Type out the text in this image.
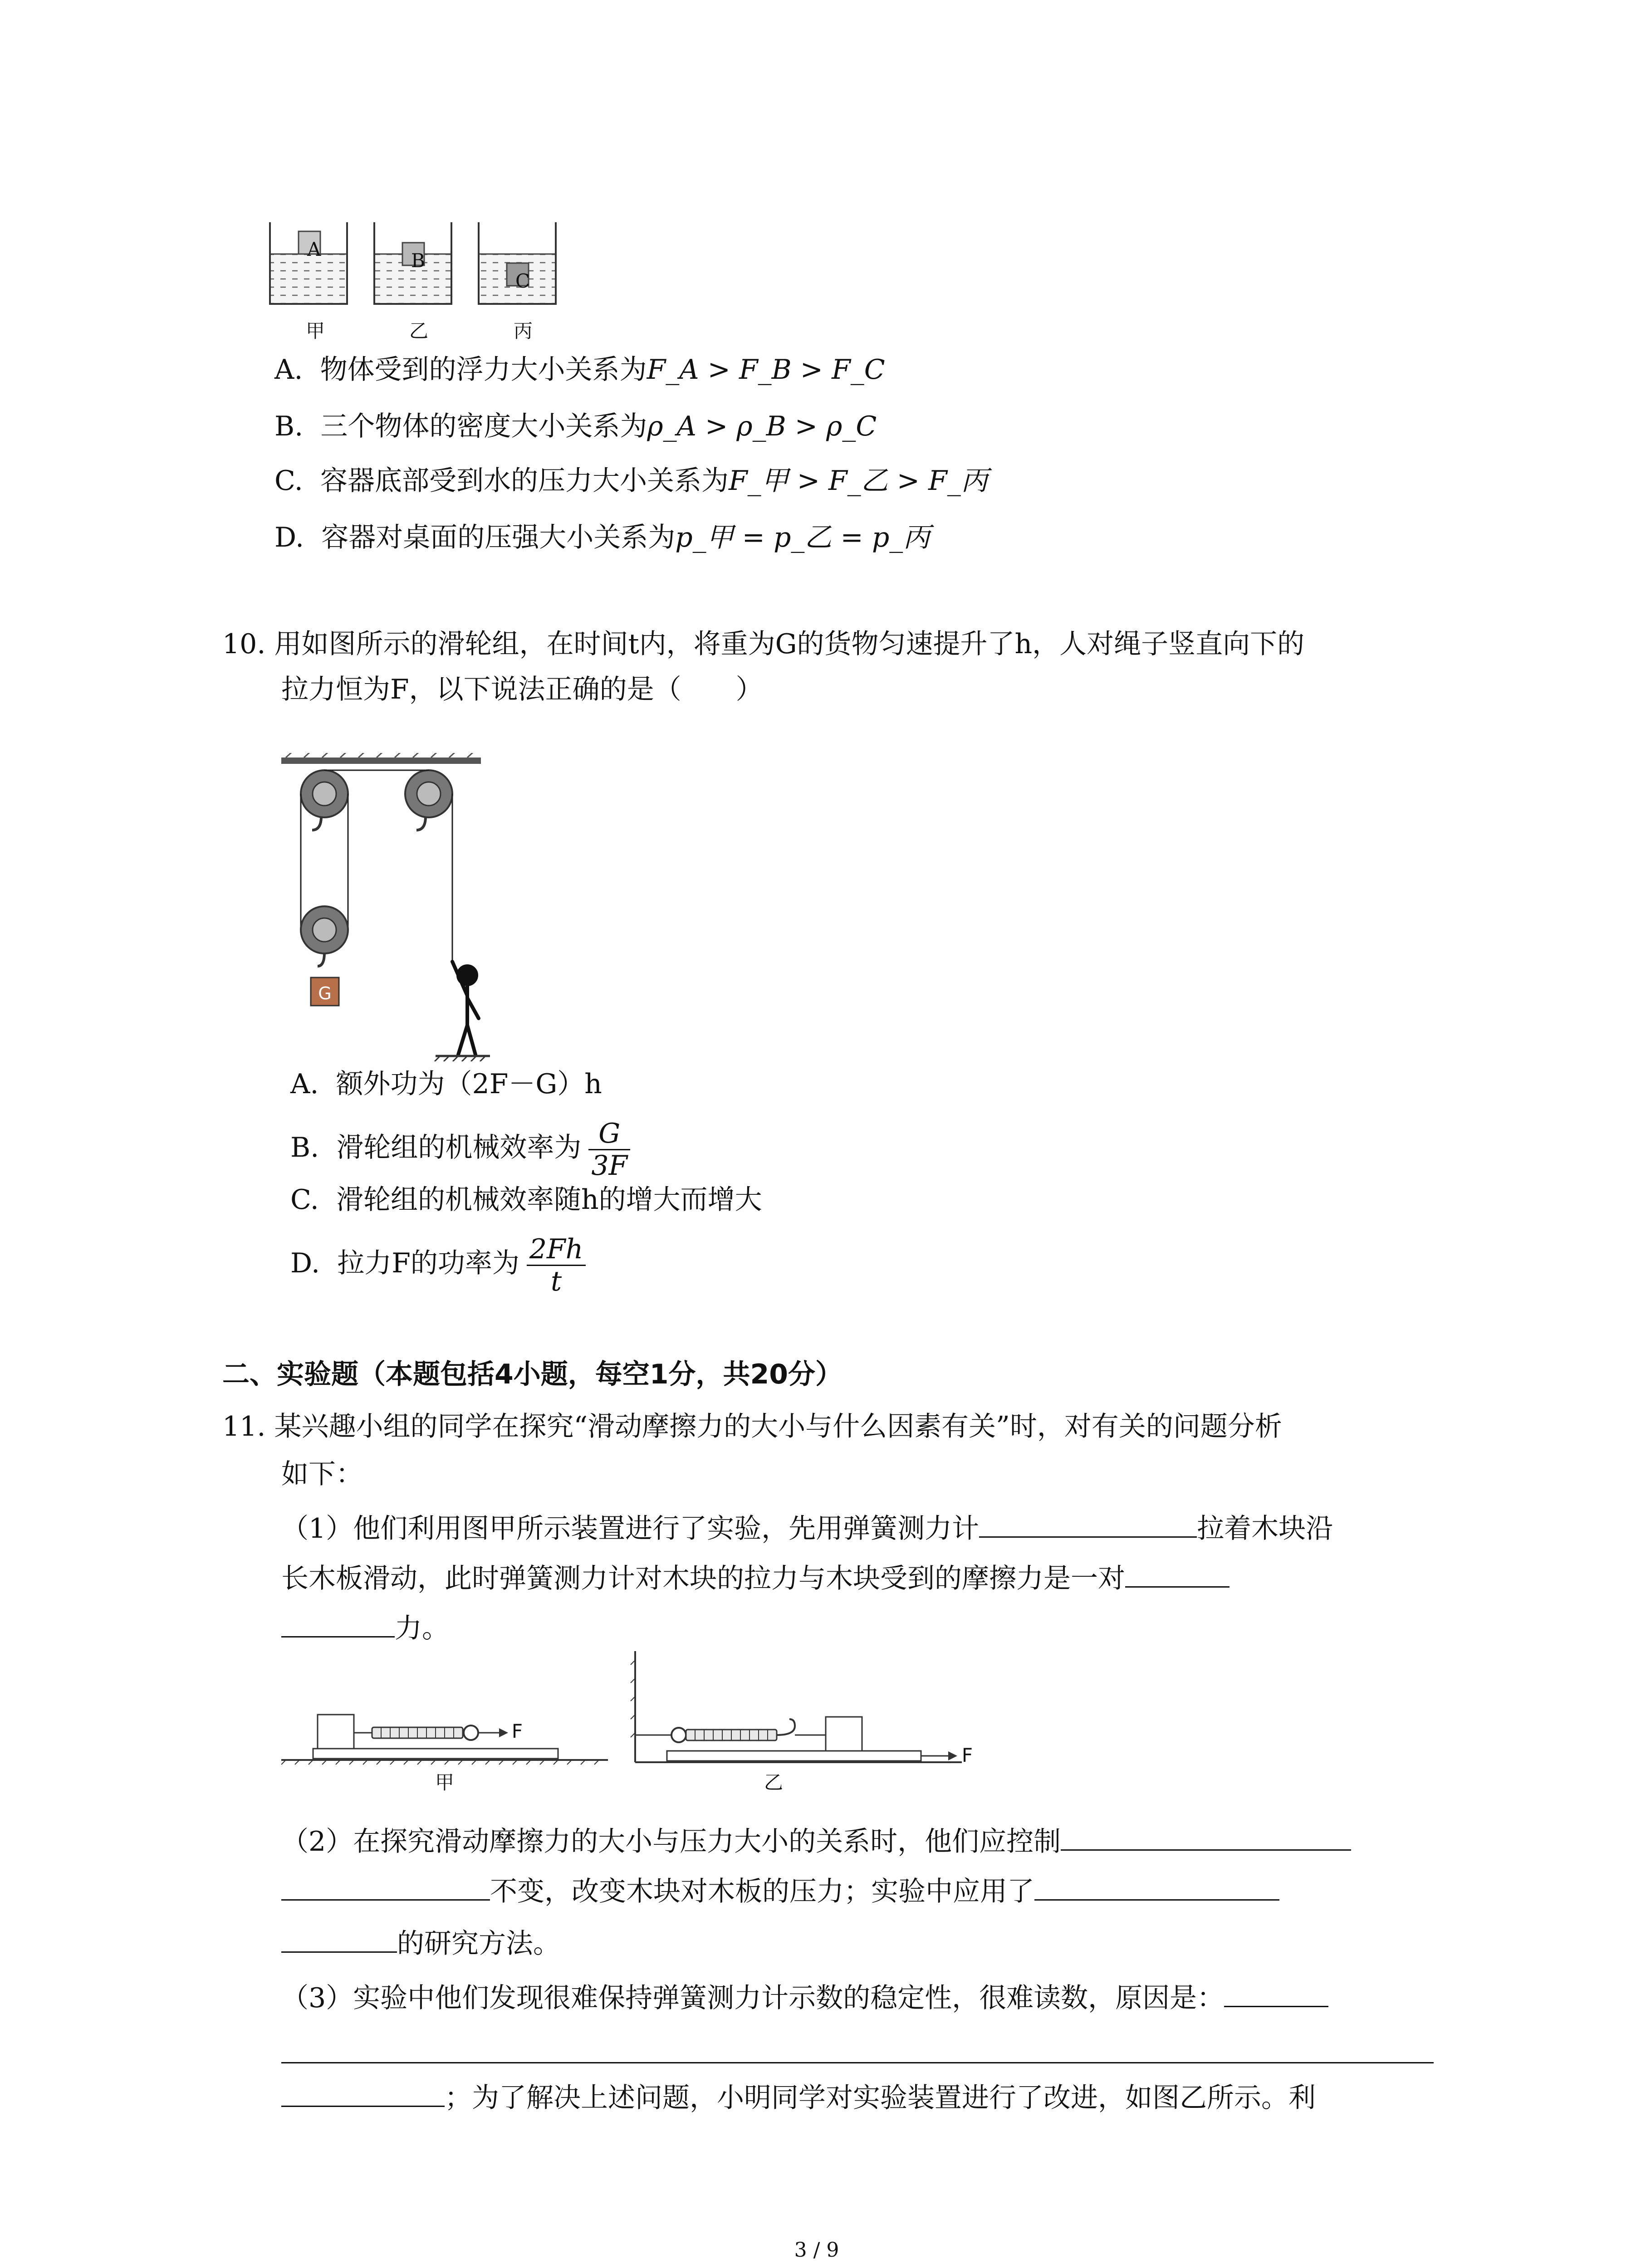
A
B
C
甲	乙	丙
A. 物体受到的浮力大小关系为F_A > F_B > F_C
B. 三个物体的密度大小关系为ρ_A > ρ_B > ρ_C
C. 容器底部受到水的压力大小关系为F_甲 > F_乙 > F_丙
D. 容器对桌面的压强大小关系为p_甲 = p_乙 = p_丙
10. 用如图所示的滑轮组，在时间t内，将重为G的货物匀速提升了h，人对绳子竖直向下的
拉力恒为F，以下说法正确的是（　　）
G
A. 额外功为（2F－G）h
B. 滑轮组的机械效率为 $\frac{G}{3F}$
C. 滑轮组的机械效率随h的增大而增大
D. 拉力F的功率为 $\frac{2Fh}{t}$
二、实验题（本题包括4小题，每空1分，共20分）
11. 某兴趣小组的同学在探究“滑动摩擦力的大小与什么因素有关”时，对有关的问题分析
如下：
（1）他们利用图甲所示装置进行了实验，先用弹簧测力计	拉着木块沿
长木板滑动，此时弹簧测力计对木块的拉力与木块受到的摩擦力是一对
力。
F
F
甲	乙
（2）在探究滑动摩擦力的大小与压力大小的关系时，他们应控制
不变，改变木块对木板的压力；实验中应用了
的研究方法。
（3）实验中他们发现很难保持弹簧测力计示数的稳定性，很难读数，原因是：
；为了解决上述问题，小明同学对实验装置进行了改进，如图乙所示。利
3 / 9
